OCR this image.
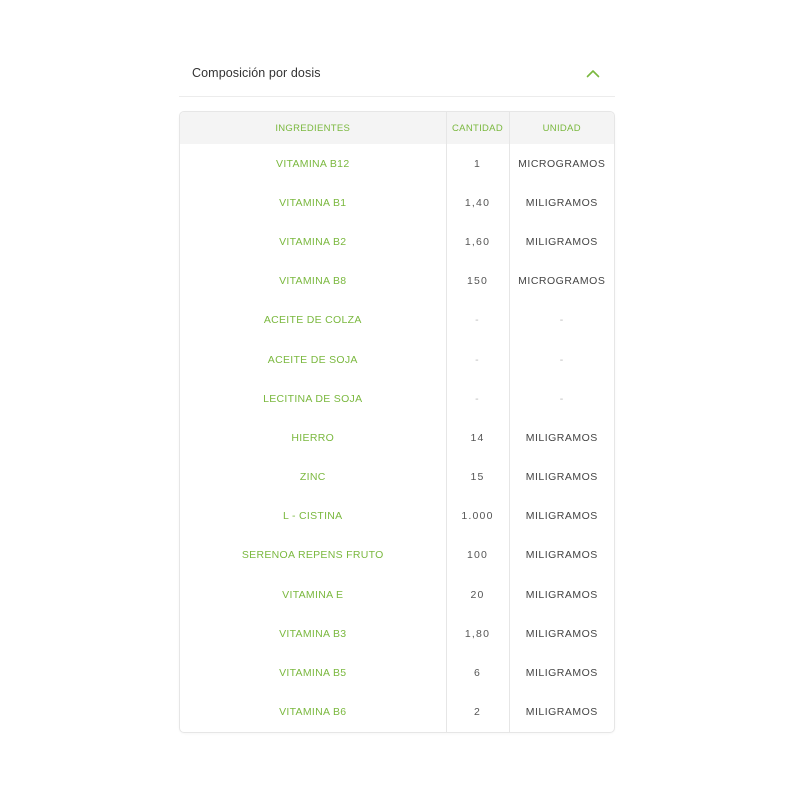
Composición por dosis
INGREDIENTES	CANTIDAD	UNIDAD
VITAMINA B12	1	MICROGRAMOS
VITAMINA B1	1,40	MILIGRAMOS
VITAMINA B2	1,60	MILIGRAMOS
VITAMINA B8	150	MICROGRAMOS
ACEITE DE COLZA	-	-
ACEITE DE SOJA	-	-
LECITINA DE SOJA	-	-
HIERRO	14	MILIGRAMOS
ZINC	15	MILIGRAMOS
L - CISTINA	1.000	MILIGRAMOS
SERENOA REPENS FRUTO	100	MILIGRAMOS
VITAMINA E	20	MILIGRAMOS
VITAMINA B3	1,80	MILIGRAMOS
VITAMINA B5	6	MILIGRAMOS
VITAMINA B6	2	MILIGRAMOS
